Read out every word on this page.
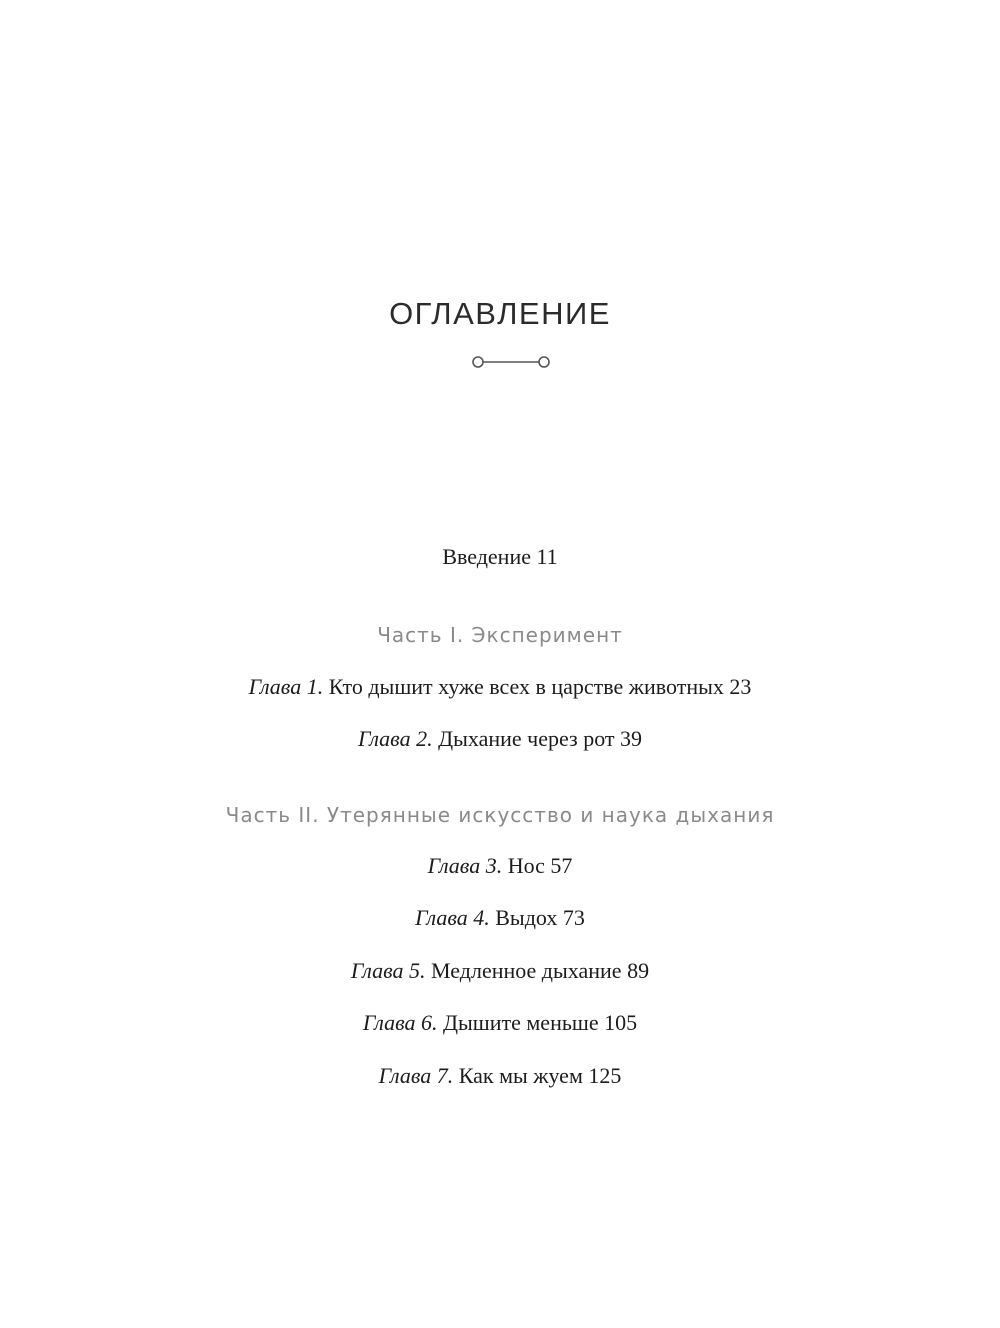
ОГЛАВЛЕНИЕ
Введение 11
Часть I. Эксперимент
Глава 1. Кто дышит хуже всех в царстве животных 23
Глава 2. Дыхание через рот 39
Часть II. Утерянные искусство и наука дыхания
Глава 3. Нос 57
Глава 4. Выдох 73
Глава 5. Медленное дыхание 89
Глава 6. Дышите меньше 105
Глава 7. Как мы жуем 125
